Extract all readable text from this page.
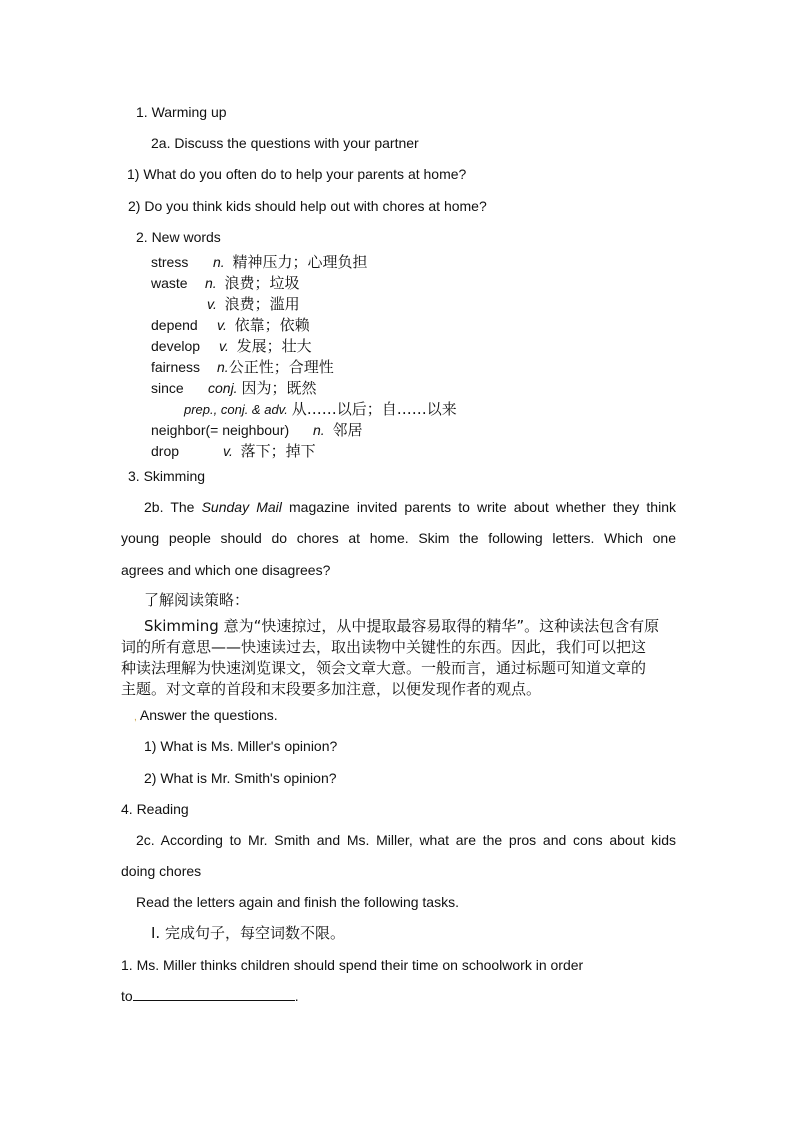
1. Warming up
2a. Discuss the questions with your partner
1) What do you often do to help your parents at home?
2) Do you think kids should help out with chores at home?
2. New words
stress n. 精神压力；心理负担
waste n. 浪费；垃圾
v. 浪费；滥用
depend v. 依靠；依赖
develop v. 发展；壮大
fairness n.公正性；合理性
since conj. 因为；既然
prep., conj. & adv. 从……以后；自……以来
neighbor(= neighbour) n. 邻居
drop	v. 落下；掉下
3. Skimming
2b. The Sunday Mail magazine invited parents to write about whether they think
young people should do chores at home. Skim the following letters. Which one
agrees and which one disagrees?
了解阅读策略：
Skimming 意为“快速掠过，从中提取最容易取得的精华”。这种读法包含有原
词的所有意思——快速读过去，取出读物中关键性的东西。因此，我们可以把这
种读法理解为快速浏览课文，领会文章大意。一般而言，通过标题可知道文章的
主题。对文章的首段和末段要多加注意，以便发现作者的观点。
, Answer the questions.
1) What is Ms. Miller's opinion?
2) What is Mr. Smith's opinion?
4. Reading
2c. According to Mr. Smith and Ms. Miller, what are the pros and cons about kids
doing chores
Read the letters again and finish the following tasks.
I. 完成句子，每空词数不限。
1. Ms. Miller thinks children should spend their time on schoolwork in order
to	.
